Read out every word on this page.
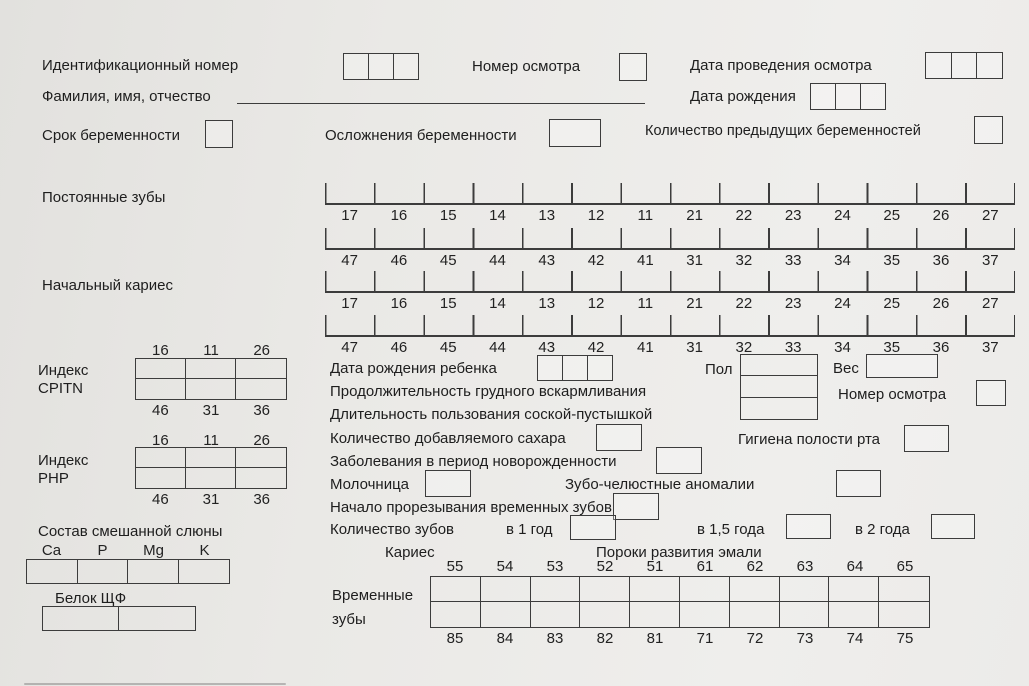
Идентификационный номер	Номер осмотра	Дата проведения осмотра
Фамилия, имя, отчество	Дата рождения
Срок беременности	Осложнения беременности	Количество предыдущих беременностей
Постоянные зубы
17	16	15	14	13	12	11	21	22	23	24	25	26	27
47	46	45	44	43	42	41	31	32	33	34	35	36	37
Начальный кариес
17	16	15	14	13	12	11	21	22	23	24	25	26	27
47	46	45	44	43	42	41	31	32	33	34	35	36	37
16	11	26
46	31	36
Индекс
CPITN
16	11	26
46	31	36
Индекс
PHP
Состав смешанной слюны
Ca	P	Mg	K
Белок ЩФ
Дата рождения ребенка	Пол	Вес
Продолжительность грудного вскармливания	Номер осмотра
Длительность пользования соской-пустышкой
Количество добавляемого сахара	Гигиена полости рта
Заболевания в период новорожденности
Молочница	Зубо-челюстные аномалии
Начало прорезывания временных зубов
Количество зубов	в 1 год	в 1,5 года	в 2 года
Кариес	Пороки развития эмали
55	54	53	52	51	61	62	63	64	65
Временные
зубы
85	84	83	82	81	71	72	73	74	75
